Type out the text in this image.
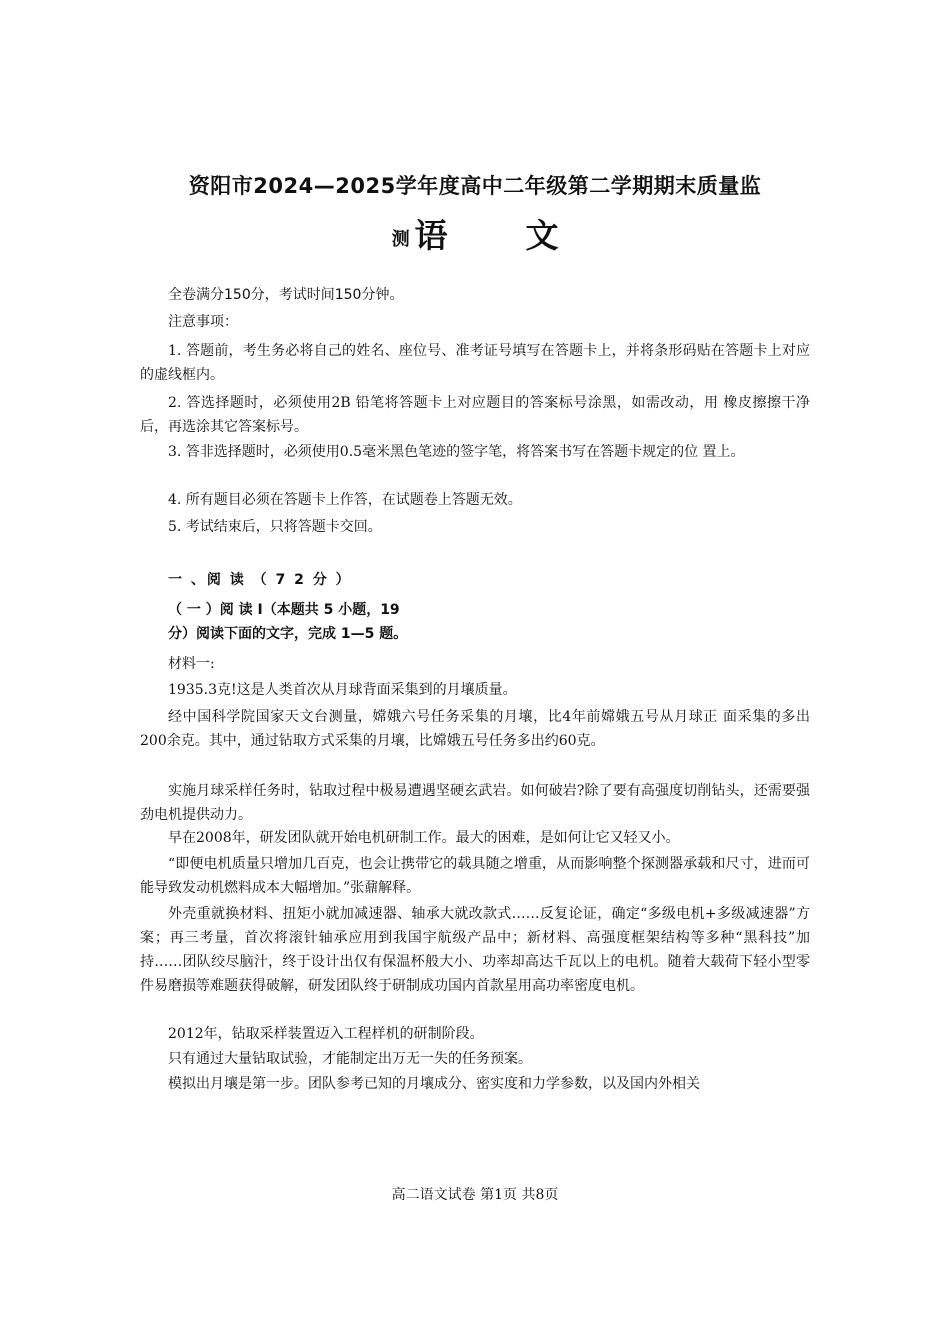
资阳市2024—2025学年度高中二年级第二学期期末质量监
测 语 文

全卷满分150分，考试时间150分钟。

注意事项：

1. 答题前，考生务必将自己的姓名、座位号、准考证号填写在答题卡上，并将条形码贴在答题卡上对应的虚线框内。

2. 答选择题时，必须使用2B 铅笔将答题卡上对应题目的答案标号涂黑，如需改动，用 橡皮擦擦干净后，再选涂其它答案标号。

3. 答非选择题时，必须使用0.5毫米黑色笔迹的签字笔，将答案书写在答题卡规定的位 置上。

4. 所有题目必须在答题卡上作答，在试题卷上答题无效。

5. 考试结束后，只将答题卡交回。

一 、阅 读 （ 7 2 分 ）

（ 一 ）阅 读 I（本题共 5 小题，19

分）阅读下面的文字，完成 1—5 题。

材料一:

1935.3克!这是人类首次从月球背面采集到的月壤质量。

经中国科学院国家天文台测量，嫦娥六号任务采集的月壤，比4年前嫦娥五号从月球正 面采集的多出200余克。其中，通过钻取方式采集的月壤，比嫦娥五号任务多出约60克。

实施月球采样任务时，钻取过程中极易遭遇坚硬玄武岩。如何破岩?除了要有高强度切削钻头，还需要强劲电机提供动力。

早在2008年，研发团队就开始电机研制工作。最大的困难，是如何让它又轻又小。

“即便电机质量只增加几百克，也会让携带它的载具随之增重，从而影响整个探测器承载和尺寸，进而可能导致发动机燃料成本大幅增加。”张鼐解释。

外壳重就换材料、扭矩小就加减速器、轴承大就改款式……反复论证，确定“多级电机+多级减速器”方案；再三考量，首次将滚针轴承应用到我国宇航级产品中；新材料、高强度框架结构等多种“黑科技”加持……团队绞尽脑汁，终于设计出仅有保温杯般大小、功率却高达千瓦以上的电机。随着大载荷下轻小型零件易磨损等难题获得破解，研发团队终于研制成功国内首款星用高功率密度电机。

2012年，钻取采样装置迈入工程样机的研制阶段。

只有通过大量钻取试验，才能制定出万无一失的任务预案。

模拟出月壤是第一步。团队参考已知的月壤成分、密实度和力学参数，以及国内外相关

高二语文试卷 第1页 共8页
